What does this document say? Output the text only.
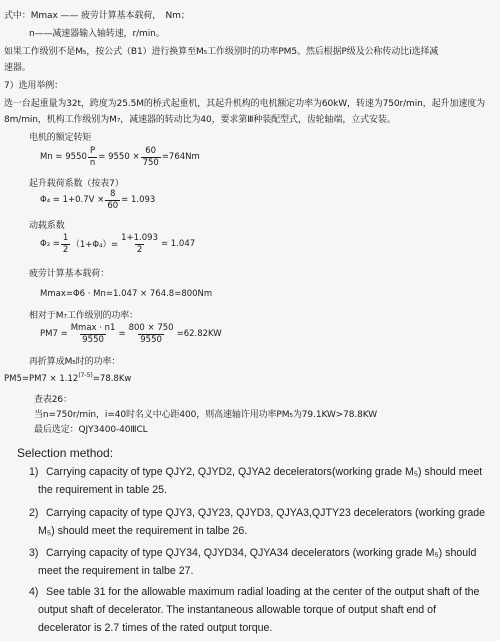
式中：Mmax —— 疲劳计算基本载荷，　Nm；
n——减速器输入轴转速，r/min。
如果工作级别不是M₅，按公式（B1）进行换算至M₅工作级别时的功率PM5。然后根据P级及公称传动比i选择减
速器。
7）选用举例：
选一台起重量为32t，跨度为25.5M的桥式起重机，其起升机构的电机额定功率为60kW，转速为750r/min，起升加速度为
8m/min，机构工作级别为M₇，减速器的转动比为40，要求第Ⅲ种装配型式，齿轮轴端，立式安装。
电机的额定转矩
$Mn = 9550 \frac{P}{n} = 9550 \times \frac{60}{750} =764Nm$
起升载荷系数（按表7）
$\Phi_4 = 1+0.7V \times \frac{8}{60} = 1.093$
动载系数
$\Phi_2 = \frac{1}{2} (1+\Phi_4)= \frac{1+1.093}{2} = 1.047$
疲劳计算基本载荷：
Mmax=Φ6 · Mn=1.047 × 764.8=800Nm
相对于M₇工作级别的功率：
$PM7 = \frac{Mmax \cdot n1}{9550} = \frac{800 \times 750}{9550} =62.82KW$
再折算成M₅时的功率：
$PM5=PM7 \times 1.12^{(7-5)}=78.8Kw$
查表26：
当n=750r/min，i=40时名义中心距400，则高速轴许用功率PM₅为79.1KW>78.8KW
最后选定：QJY3400-40ⅢCL
Selection method:
1) Carrying capacity of type QJY2, QJYD2, QJYA2 decelerators(working grade M₅) should meet the requirement in table 25.
2) Carrying capacity of type QJY3, QJY23, QJYD3, QJYA3,QJTY23 decelerators (working grade M₅) should meet the requirement in talbe 26.
3) Carrying capacity of type QJY34, QJYD34, QJYA34 decelerators (working grade M₅) should meet the requirement in talbe 27.
4) See table 31 for the allowable maximum radial loading at the center of the output shaft of the output shaft of decelerator. The instantaneous allowable torque of output shaft end of decelerator is 2.7 times of the rated output torque.
